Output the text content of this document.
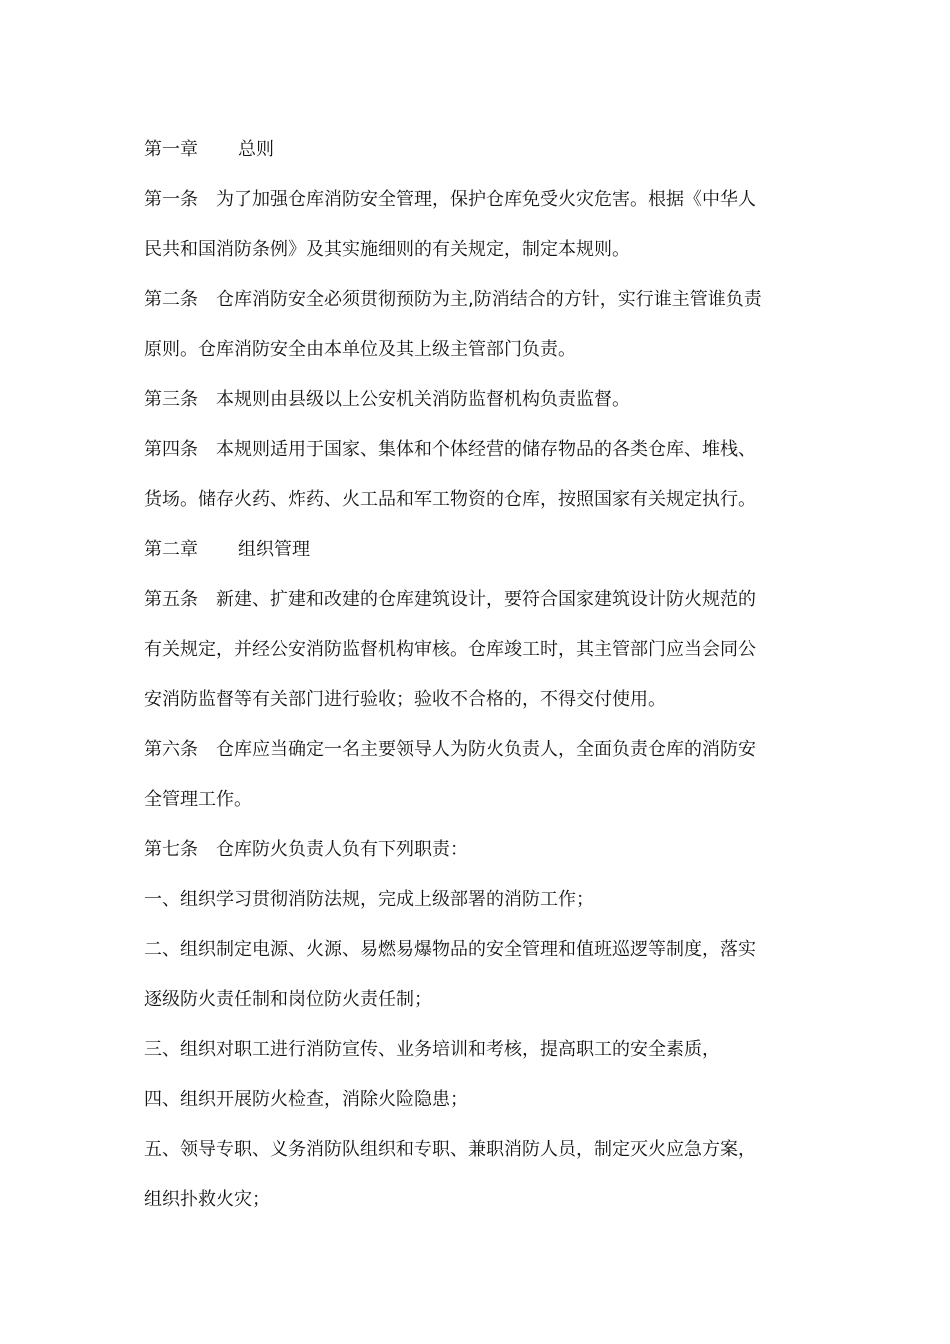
第一章 总则
第一条 为了加强仓库消防安全管理，保护仓库免受火灾危害。根据《中华人
民共和国消防条例》及其实施细则的有关规定，制定本规则。
第二条 仓库消防安全必须贯彻预防为主,防消结合的方针，实行谁主管谁负责
原则。仓库消防安全由本单位及其上级主管部门负责。
第三条 本规则由县级以上公安机关消防监督机构负责监督。
第四条 本规则适用于国家、集体和个体经营的储存物品的各类仓库、堆栈、
货场。储存火药、炸药、火工品和军工物资的仓库，按照国家有关规定执行。
第二章 组织管理
第五条 新建、扩建和改建的仓库建筑设计，要符合国家建筑设计防火规范的
有关规定，并经公安消防监督机构审核。仓库竣工时，其主管部门应当会同公
安消防监督等有关部门进行验收；验收不合格的，不得交付使用。
第六条 仓库应当确定一名主要领导人为防火负责人，全面负责仓库的消防安
全管理工作。
第七条 仓库防火负责人负有下列职责：
一、组织学习贯彻消防法规，完成上级部署的消防工作；
二、组织制定电源、火源、易燃易爆物品的安全管理和值班巡逻等制度，落实
逐级防火责任制和岗位防火责任制；
三、组织对职工进行消防宣传、业务培训和考核，提高职工的安全素质，
四、组织开展防火检查，消除火险隐患；
五、领导专职、义务消防队组织和专职、兼职消防人员，制定灭火应急方案，
组织扑救火灾；
